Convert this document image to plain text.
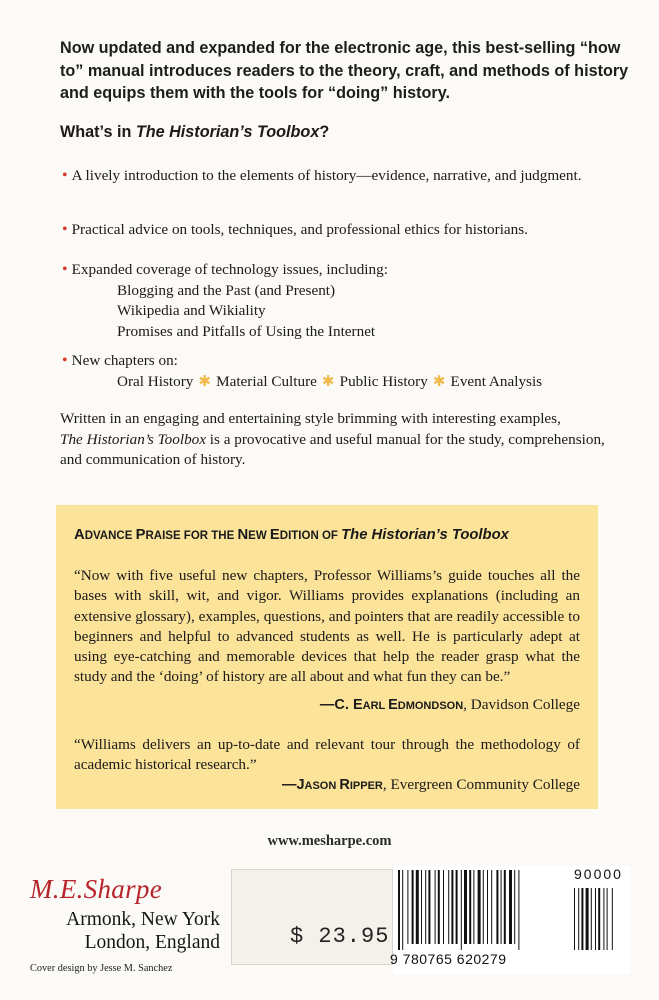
Now updated and expanded for the electronic age, this best-selling “how to” manual introduces readers to the theory, craft, and methods of history and equips them with the tools for “doing” history.
What’s in The Historian’s Toolbox?
• A lively introduction to the elements of history—evidence, narrative, and judgment.
• Practical advice on tools, techniques, and professional ethics for historians.
• Expanded coverage of technology issues, including:
Blogging and the Past (and Present)
Wikipedia and Wikiality
Promises and Pitfalls of Using the Internet
• New chapters on:
Oral History ✱ Material Culture ✱ Public History ✱ Event Analysis
Written in an engaging and entertaining style brimming with interesting examples,
The Historian’s Toolbox is a provocative and useful manual for the study, comprehension, and communication of history.
ADVANCE PRAISE FOR THE NEW EDITION OF The Historian’s Toolbox
“Now with five useful new chapters, Professor Williams’s guide touches all the bases with skill, wit, and vigor. Williams provides explanations (including an extensive glossary), examples, questions, and pointers that are readily accessible to beginners and helpful to advanced students as well. He is particularly adept at using eye-catching and memorable devices that help the reader grasp what the study and the ‘doing’ of history are all about and what fun they can be.”
—C. EARL EDMONDSON, Davidson College
“Williams delivers an up-to-date and relevant tour through the methodology of academic historical research.”
—JASON RIPPER, Evergreen Community College
www.mesharpe.com
M.E.Sharpe
Armonk, New York
London, England
Cover design by Jesse M. Sanchez
$ 23.95
90000
9 780765 620279
